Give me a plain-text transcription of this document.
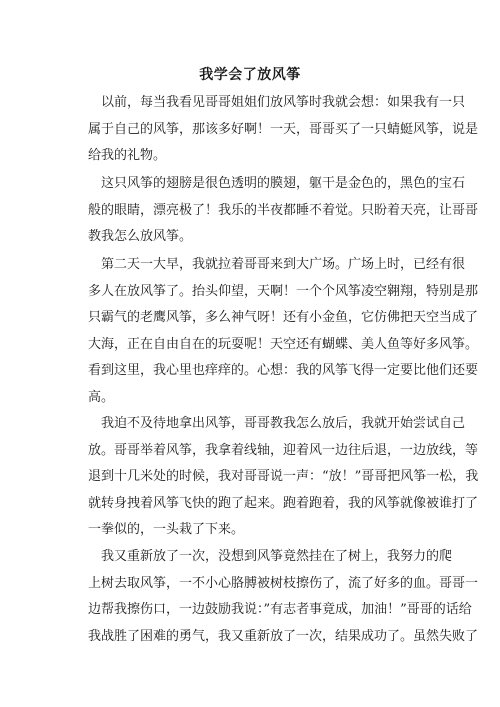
我学会了放风筝

　以前，每当我看见哥哥姐姐们放风筝时我就会想：如果我有一只
属于自己的风筝，那该多好啊！一天，哥哥买了一只蜻蜓风筝，说是
给我的礼物。

　这只风筝的翅膀是很色透明的膜翅，躯干是金色的，黑色的宝石
般的眼睛，漂亮极了！我乐的半夜都睡不着觉。只盼着天亮，让哥哥
教我怎么放风筝。

　第二天一大早，我就拉着哥哥来到大广场。广场上时，已经有很
多人在放风筝了。抬头仰望，天啊！一个个风筝凌空翱翔，特别是那
只霸气的老鹰风筝，多么神气呀！还有小金鱼，它仿佛把天空当成了
大海，正在自由自在的玩耍呢！天空还有蝴蝶、美人鱼等好多风筝。
看到这里，我心里也痒痒的。心想：我的风筝飞得一定要比他们还要
高。

　我迫不及待地拿出风筝，哥哥教我怎么放后，我就开始尝试自己
放。哥哥举着风筝，我拿着线轴，迎着风一边往后退，一边放线，等
退到十几米处的时候，我对哥哥说一声：“放！”哥哥把风筝一松，我
就转身拽着风筝飞快的跑了起来。跑着跑着，我的风筝就像被谁打了
一拳似的，一头栽了下来。

　我又重新放了一次，没想到风筝竟然挂在了树上，我努力的爬
上树去取风筝，一不小心胳膊被树枝擦伤了，流了好多的血。哥哥一
边帮我擦伤口，一边鼓励我说：”有志者事竟成，加油！”哥哥的话给
我战胜了困难的勇气，我又重新放了一次，结果成功了。虽然失败了
